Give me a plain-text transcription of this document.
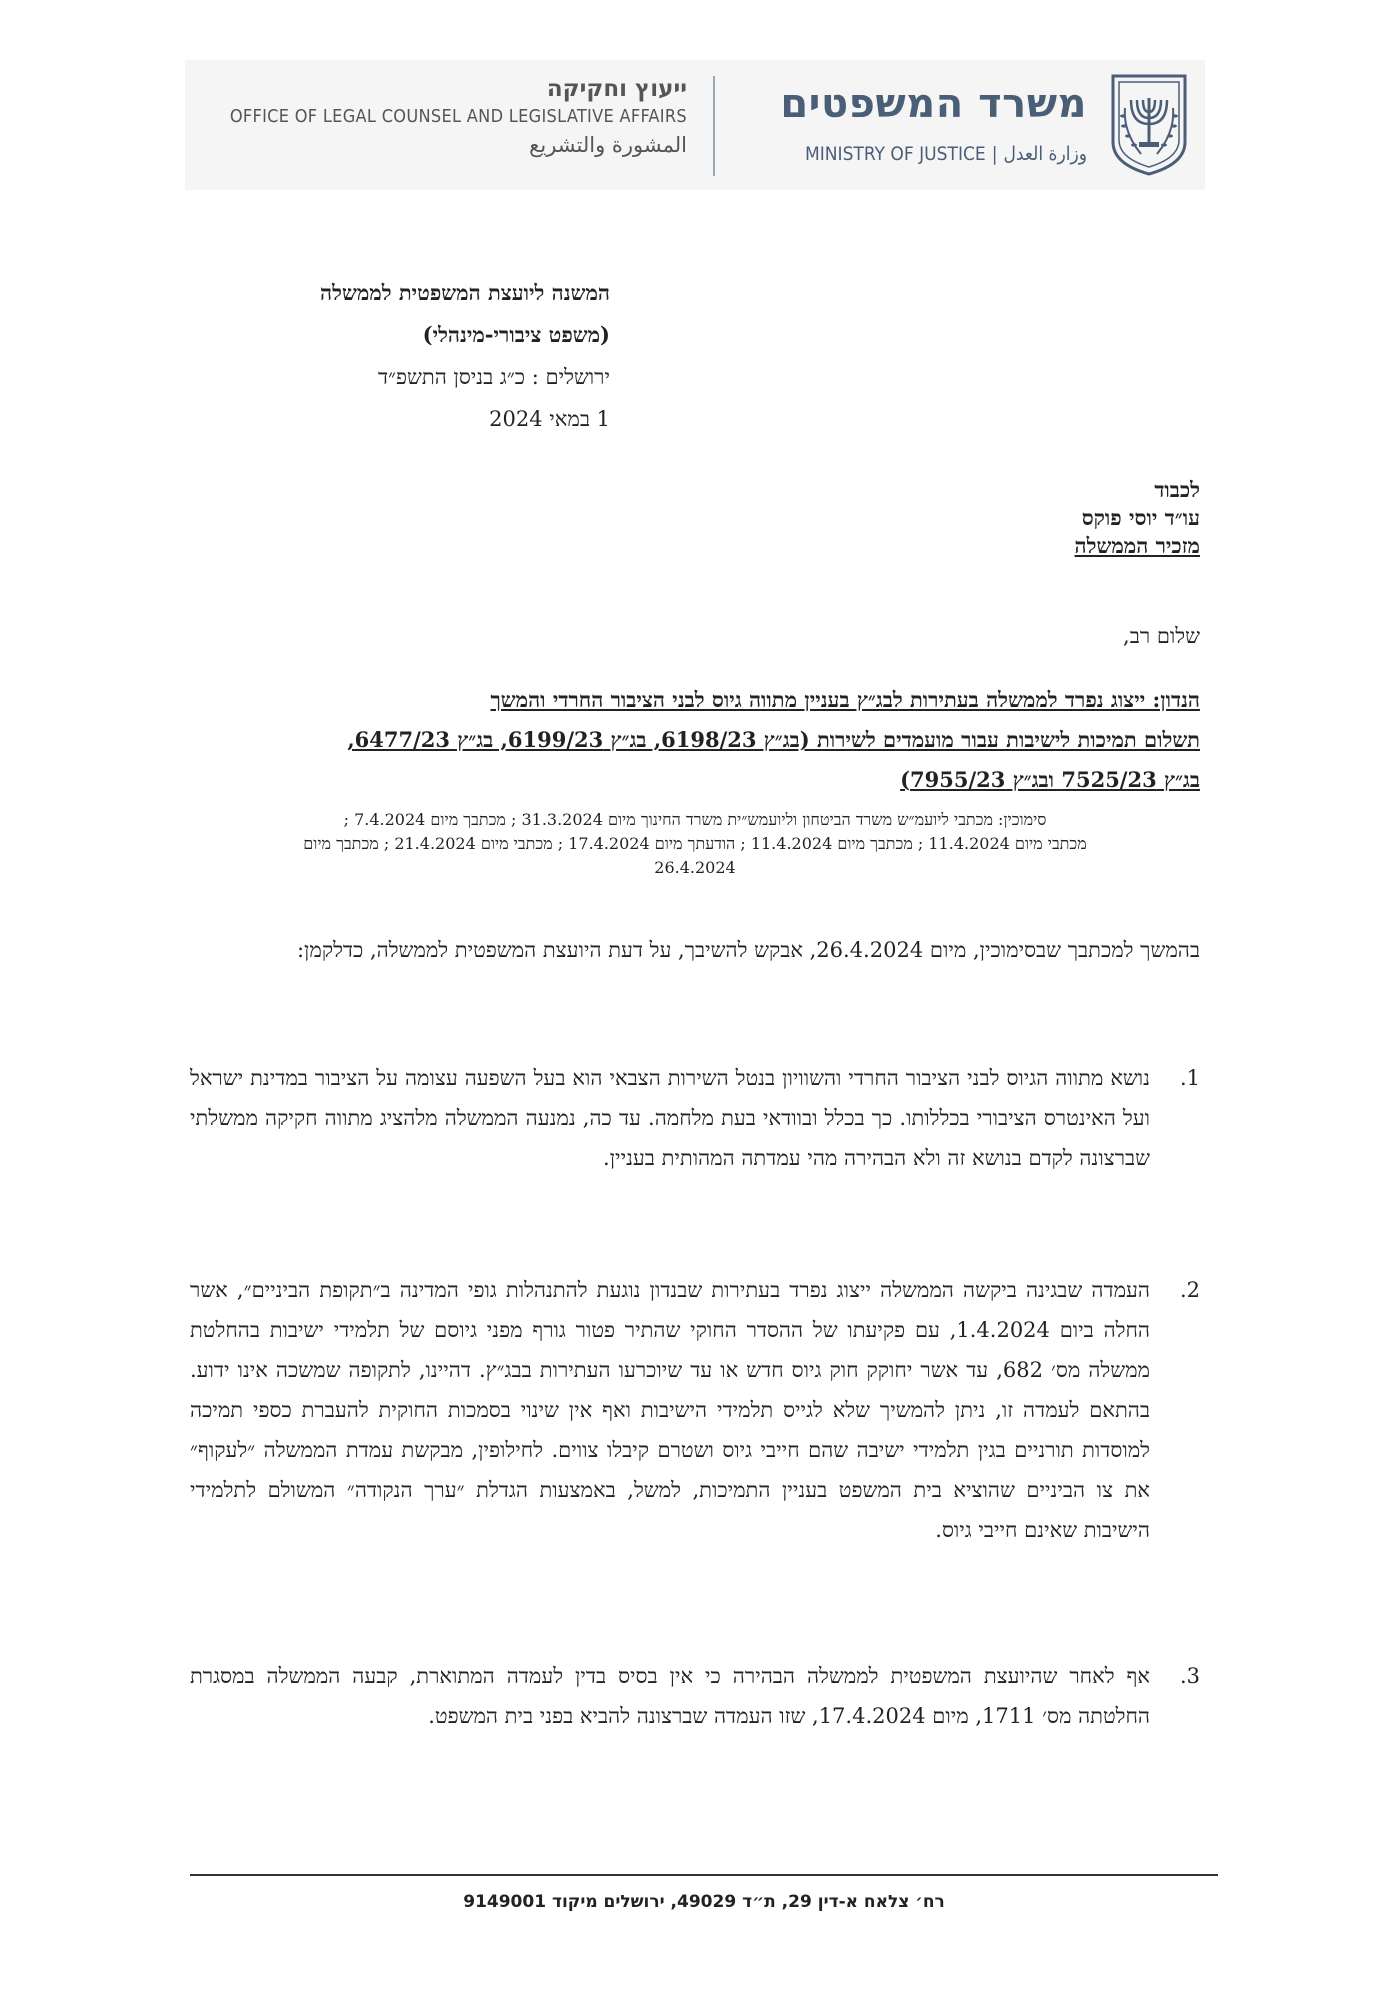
משרד המשפטים
MINISTRY OF JUSTICE | وزارة العدل
ייעוץ וחקיקה
OFFICE OF LEGAL COUNSEL AND LEGISLATIVE AFFAIRS
المشورة والتشريع
המשנה ליועצת המשפטית לממשלה
(משפט ציבורי-מינהלי)
ירושלים : כ״ג בניסן התשפ״ד
1 במאי 2024
לכבוד
עו״ד יוסי פוקס
מזכיר הממשלה
שלום רב,
הנדון: ייצוג נפרד לממשלה בעתירות לבג״ץ בעניין מתווה גיוס לבני הציבור החרדי והמשך
תשלום תמיכות לישיבות עבור מועמדים לשירות (בג״ץ 6198/23, בג״ץ 6199/23, בג״ץ 6477/23,
בג״ץ 7525/23 ובג״ץ 7955/23)
סימוכין: מכתבי ליועמ״ש משרד הביטחון וליועמש״ית משרד החינוך מיום 31.3.2024 ; מכתבך מיום 7.4.2024 ;
מכתבי מיום 11.4.2024 ; מכתבך מיום 11.4.2024 ; הודעתך מיום 17.4.2024 ; מכתבי מיום 21.4.2024 ; מכתבך מיום
26.4.2024
בהמשך למכתבך שבסימוכין, מיום 26.4.2024, אבקש להשיבך, על דעת היועצת המשפטית לממשלה, כדלקמן:
1.
נושא מתווה הגיוס לבני הציבור החרדי והשוויון בנטל השירות הצבאי הוא בעל השפעה עצומה על הציבור במדינת ישראל ועל האינטרס הציבורי בכללותו. כך בכלל ובוודאי בעת מלחמה. עד כה, נמנעה הממשלה מלהציג מתווה חקיקה ממשלתי שברצונה לקדם בנושא זה ולא הבהירה מהי עמדתה המהותית בעניין.
2.
העמדה שבגינה ביקשה הממשלה ייצוג נפרד בעתירות שבנדון נוגעת להתנהלות גופי המדינה ב״תקופת הביניים״, אשר החלה ביום 1.4.2024, עם פקיעתו של ההסדר החוקי שהתיר פטור גורף מפני גיוסם של תלמידי ישיבות בהחלטת ממשלה מס׳ 682, עד אשר יחוקק חוק גיוס חדש או עד שיוכרעו העתירות בבג״ץ. דהיינו, לתקופה שמשכה אינו ידוע. בהתאם לעמדה זו, ניתן להמשיך שלא לגייס תלמידי הישיבות ואף אין שינוי בסמכות החוקית להעברת כספי תמיכה למוסדות תורניים בגין תלמידי ישיבה שהם חייבי גיוס ושטרם קיבלו צווים. לחילופין, מבקשת עמדת הממשלה ״לעקוף״ את צו הביניים שהוציא בית המשפט בעניין התמיכות, למשל, באמצעות הגדלת ״ערך הנקודה״ המשולם לתלמידי הישיבות שאינם חייבי גיוס.
3.
אף לאחר שהיועצת המשפטית לממשלה הבהירה כי אין בסיס בדין לעמדה המתוארת, קבעה הממשלה במסגרת החלטתה מס׳ 1711, מיום 17.4.2024, שזו העמדה שברצונה להביא בפני בית המשפט.
רח׳ צלאח א-דין 29, ת״ד 49029, ירושלים מיקוד 9149001
